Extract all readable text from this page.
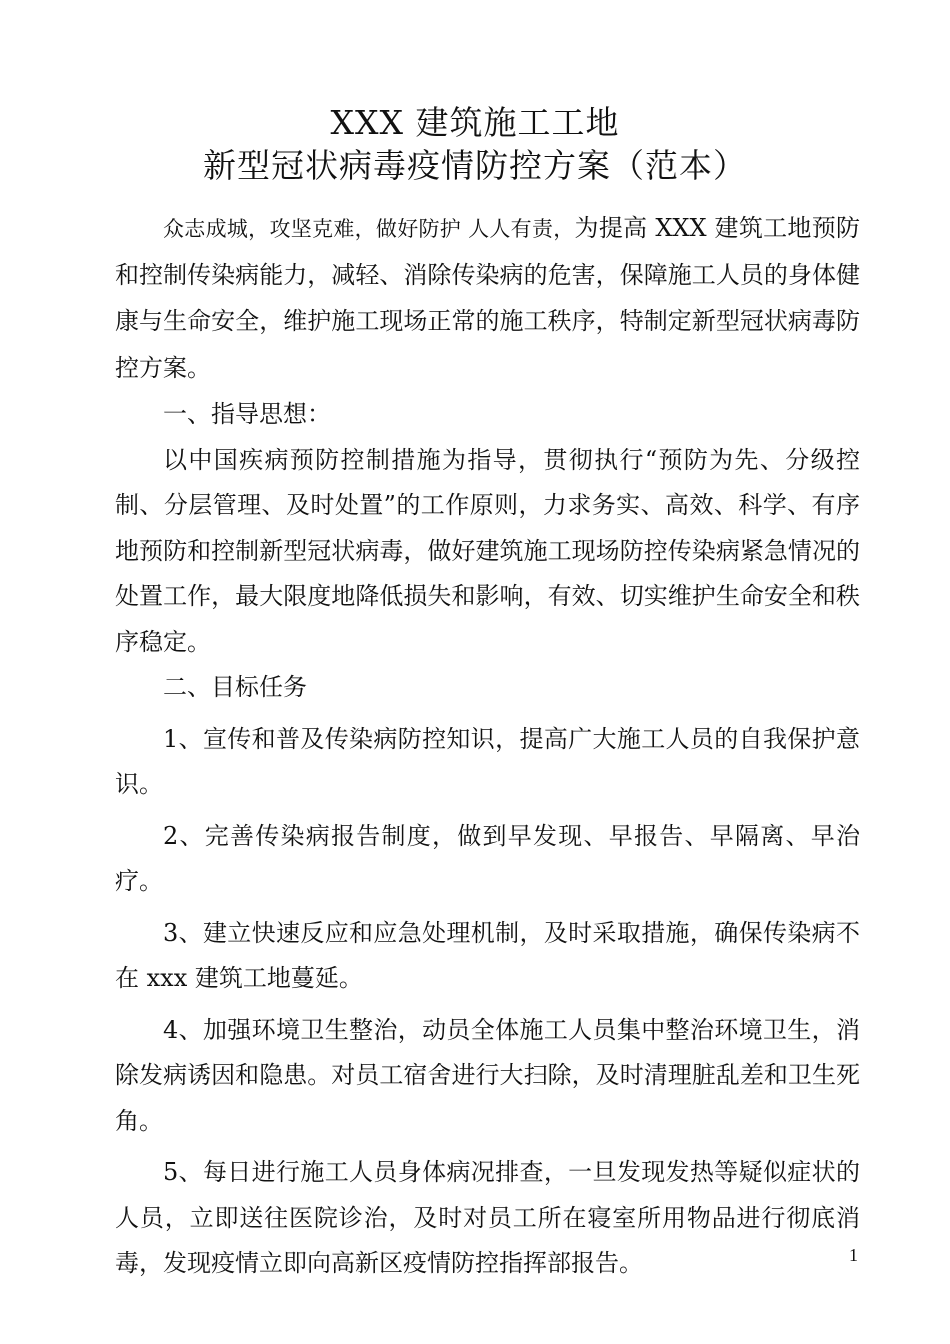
XXX 建筑施工工地
新型冠状病毒疫情防控方案（范本）

众志成城，攻坚克难，做好防护 人人有责，为提高 XXX 建筑工地预防和控制传染病能力，减轻、消除传染病的危害，保障施工人员的身体健康与生命安全，维护施工现场正常的施工秩序，特制定新型冠状病毒防控方案。

一、指导思想：

以中国疾病预防控制措施为指导，贯彻执行“预防为先、分级控制、分层管理、及时处置”的工作原则，力求务实、高效、科学、有序地预防和控制新型冠状病毒，做好建筑施工现场防控传染病紧急情况的处置工作，最大限度地降低损失和影响，有效、切实维护生命安全和秩序稳定。

二、目标任务

1、宣传和普及传染病防控知识，提高广大施工人员的自我保护意识。

2、完善传染病报告制度，做到早发现、早报告、早隔离、早治疗。

3、建立快速反应和应急处理机制，及时采取措施，确保传染病不在 xxx 建筑工地蔓延。

4、加强环境卫生整治，动员全体施工人员集中整治环境卫生，消除发病诱因和隐患。对员工宿舍进行大扫除，及时清理脏乱差和卫生死角。

5、每日进行施工人员身体病况排查，一旦发现发热等疑似症状的人员，立即送往医院诊治，及时对员工所在寝室所用物品进行彻底消毒，发现疫情立即向高新区疫情防控指挥部报告。	1
